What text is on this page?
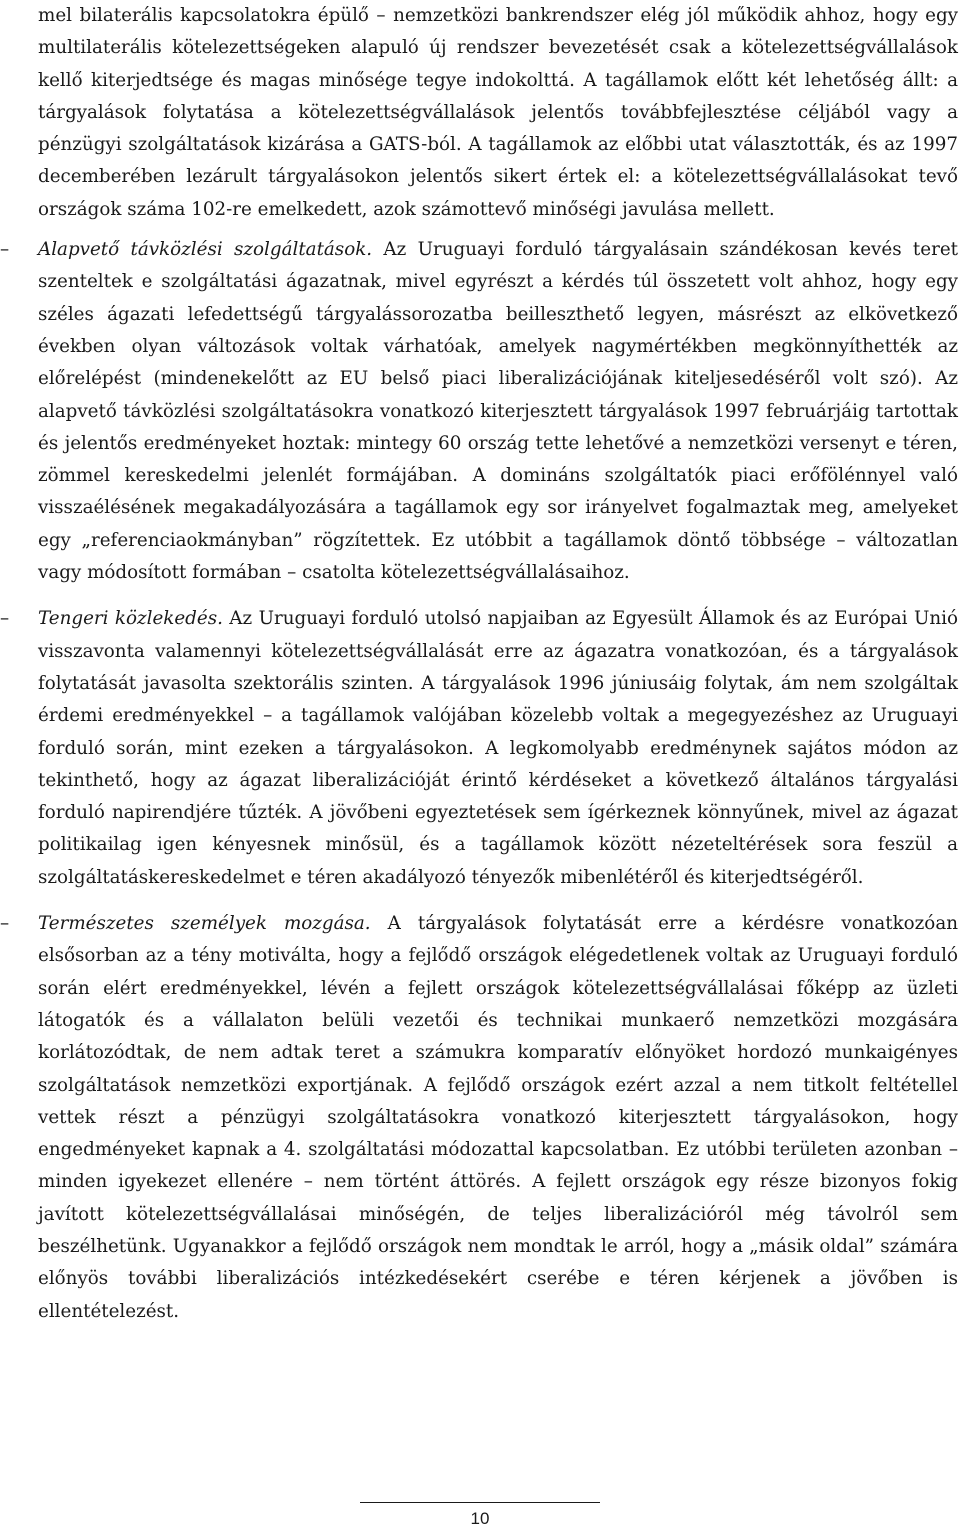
mel bilaterális kapcsolatokra épülő – nemzetközi bankrendszer elég jól működik ahhoz, hogy egy multilaterális kötelezettségeken alapuló új rendszer bevezetését csak a kötelezettségvállalások kellő kiterjedtsége és magas minősége tegye indokolttá. A tagállamok előtt két lehetőség állt: a tárgyalások folytatása a kötelezettségvállalások jelentős továbbfejlesztése céljából vagy a pénzügyi szolgáltatások kizárása a GATS-ból. A tagállamok az előbbi utat választották, és az 1997 decemberében lezárult tárgyalásokon jelentős sikert értek el: a kötelezettségvállalásokat tevő országok száma 102-re emelkedett, azok számottevő minőségi javulása mellett.

–	Alapvető távközlési szolgáltatások. Az Uruguayi forduló tárgyalásain szándékosan kevés teret szenteltek e szolgáltatási ágazatnak, mivel egyrészt a kérdés túl összetett volt ahhoz, hogy egy széles ágazati lefedettségű tárgyalássorozatba beilleszthető legyen, másrészt az elkövetkező években olyan változások voltak várhatóak, amelyek nagymértékben megkönnyíthették az előrelépést (mindenekelőtt az EU belső piaci liberalizációjának kiteljesedéséről volt szó). Az alapvető távközlési szolgáltatásokra vonatkozó kiterjesztett tárgyalások 1997 februárjáig tartottak és jelentős eredményeket hoztak: mintegy 60 ország tette lehetővé a nemzetközi versenyt e téren, zömmel kereskedelmi jelenlét formájában. A domináns szolgáltatók piaci erőfölénnyel való visszaélésének megakadályozására a tagállamok egy sor irányelvet fogalmaztak meg, amelyeket egy „referenciaokmányban” rögzítettek. Ez utóbbit a tagállamok döntő többsége – változatlan vagy módosított formában – csatolta kötelezettségvállalásaihoz.

–	Tengeri közlekedés. Az Uruguayi forduló utolsó napjaiban az Egyesült Államok és az Európai Unió visszavonta valamennyi kötelezettségvállalását erre az ágazatra vonatkozóan, és a tárgyalások folytatását javasolta szektorális szinten. A tárgyalások 1996 júniusáig folytak, ám nem szolgáltak érdemi eredményekkel – a tagállamok valójában közelebb voltak a megegyezéshez az Uruguayi forduló során, mint ezeken a tárgyalásokon. A legkomolyabb eredménynek sajátos módon az tekinthető, hogy az ágazat liberalizációját érintő kérdéseket a következő általános tárgyalási forduló napirendjére tűzték. A jövőbeni egyeztetések sem ígérkeznek könnyűnek, mivel az ágazat politikailag igen kényesnek minősül, és a tagállamok között nézeteltérések sora feszül a szolgáltatáskereskedelmet e téren akadályozó tényezők mibenlétéről és kiterjedtségéről.

–	Természetes személyek mozgása. A tárgyalások folytatását erre a kérdésre vonatkozóan elsősorban az a tény motiválta, hogy a fejlődő országok elégedetlenek voltak az Uruguayi forduló során elért eredményekkel, lévén a fejlett országok kötelezettségvállalásai főképp az üzleti látogatók és a vállalaton belüli vezetői és technikai munkaerő nemzetközi mozgására korlátozódtak, de nem adtak teret a számukra komparatív előnyöket hordozó munkaigényes szolgáltatások nemzetközi exportjának. A fejlődő országok ezért azzal a nem titkolt feltétellel vettek részt a pénzügyi szolgáltatásokra vonatkozó kiterjesztett tárgyalásokon, hogy engedményeket kapnak a 4. szolgáltatási módozattal kapcsolatban. Ez utóbbi területen azonban – minden igyekezet ellenére – nem történt áttörés. A fejlett országok egy része bizonyos fokig javított kötelezettségvállalásai minőségén, de teljes liberalizációról még távolról sem beszélhetünk. Ugyanakkor a fejlődő országok nem mondtak le arról, hogy a „másik oldal” számára előnyös további liberalizációs intézkedésekért cserébe e téren kérjenek a jövőben is ellentételezést.

10
